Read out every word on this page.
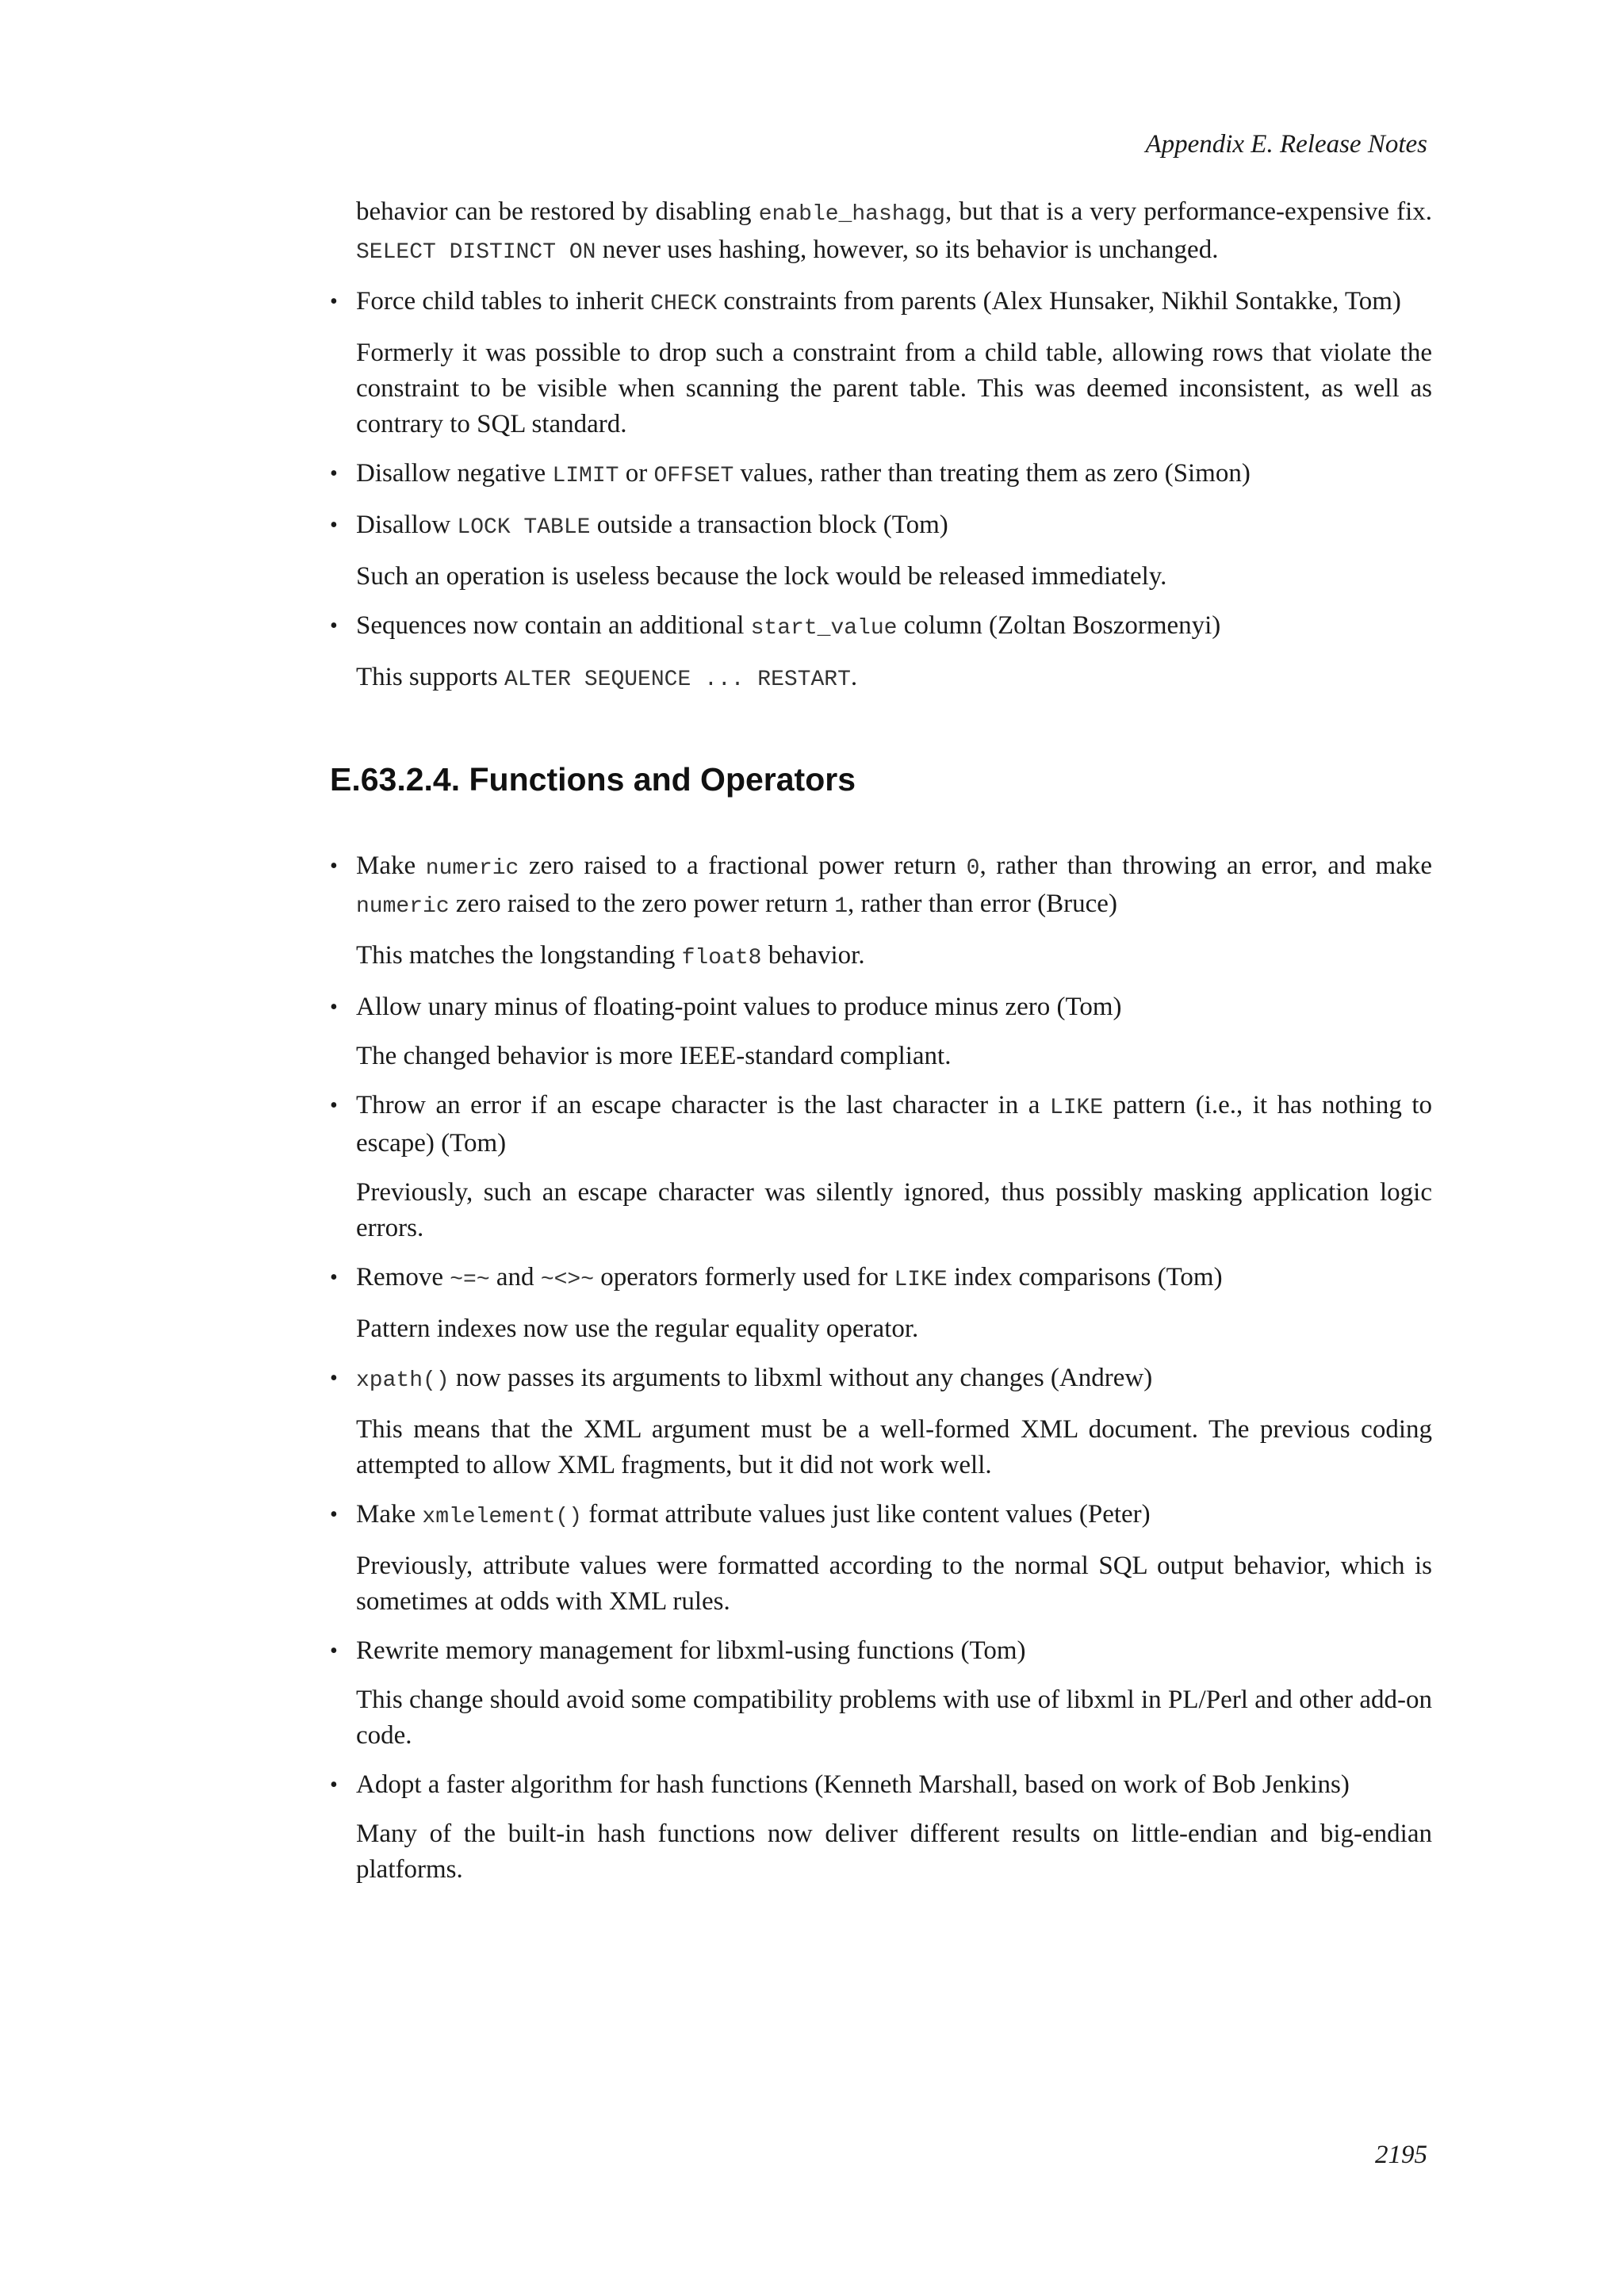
Appendix E. Release Notes

behavior can be restored by disabling enable_hashagg, but that is a very performance-expensive fix. SELECT DISTINCT ON never uses hashing, however, so its behavior is unchanged.

• Force child tables to inherit CHECK constraints from parents (Alex Hunsaker, Nikhil Sontakke, Tom)

Formerly it was possible to drop such a constraint from a child table, allowing rows that violate the constraint to be visible when scanning the parent table. This was deemed inconsistent, as well as contrary to SQL standard.

• Disallow negative LIMIT or OFFSET values, rather than treating them as zero (Simon)

• Disallow LOCK TABLE outside a transaction block (Tom)

Such an operation is useless because the lock would be released immediately.

• Sequences now contain an additional start_value column (Zoltan Boszormenyi)

This supports ALTER SEQUENCE ... RESTART.

E.63.2.4. Functions and Operators
• Make numeric zero raised to a fractional power return 0, rather than throwing an error, and make numeric zero raised to the zero power return 1, rather than error (Bruce)

This matches the longstanding float8 behavior.

• Allow unary minus of floating-point values to produce minus zero (Tom)

The changed behavior is more IEEE-standard compliant.

• Throw an error if an escape character is the last character in a LIKE pattern (i.e., it has nothing to escape) (Tom)

Previously, such an escape character was silently ignored, thus possibly masking application logic errors.

• Remove ~=~ and ~<>~ operators formerly used for LIKE index comparisons (Tom)

Pattern indexes now use the regular equality operator.

• xpath() now passes its arguments to libxml without any changes (Andrew)

This means that the XML argument must be a well-formed XML document. The previous coding attempted to allow XML fragments, but it did not work well.

• Make xmlelement() format attribute values just like content values (Peter)

Previously, attribute values were formatted according to the normal SQL output behavior, which is sometimes at odds with XML rules.

• Rewrite memory management for libxml-using functions (Tom)

This change should avoid some compatibility problems with use of libxml in PL/Perl and other add-on code.

• Adopt a faster algorithm for hash functions (Kenneth Marshall, based on work of Bob Jenkins)

Many of the built-in hash functions now deliver different results on little-endian and big-endian platforms.

2195
